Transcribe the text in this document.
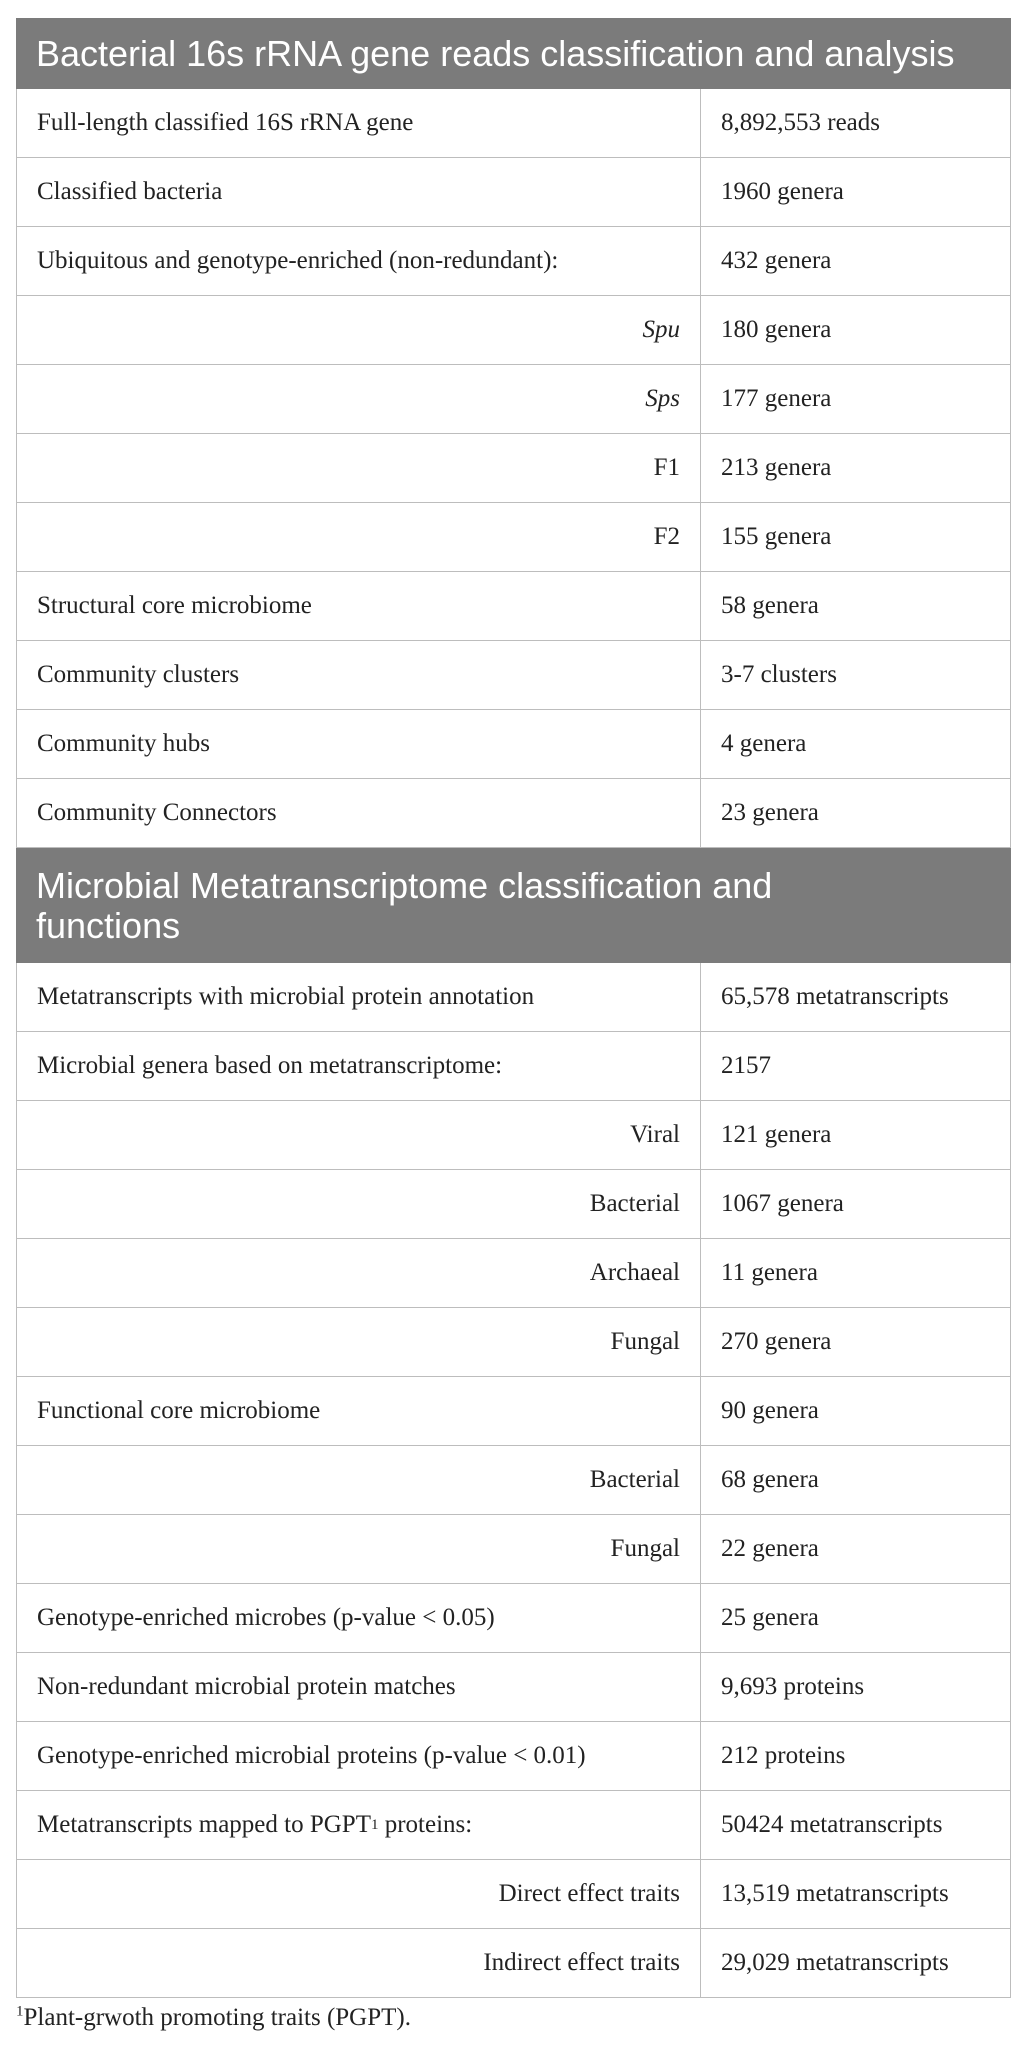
Bacterial 16s rRNA gene reads classification and analysis
Full-length classified 16S rRNA gene	8,892,553 reads
Classified bacteria	1960 genera
Ubiquitous and genotype-enriched (non-redundant):	432 genera
Spu 180 genera
Sps 177 genera
F1 213 genera
F2 155 genera
Structural core microbiome	58 genera
Community clusters	3-7 clusters
Community hubs	4 genera
Community Connectors	23 genera
Microbial Metatranscriptome classification and functions
Metatranscripts with microbial protein annotation	65,578 metatranscripts
Microbial genera based on metatranscriptome:	2157
Viral 121 genera
Bacterial 1067 genera
Archaeal 11 genera
Fungal 270 genera
Functional core microbiome	90 genera
Bacterial 68 genera
Fungal 22 genera
Genotype-enriched microbes (p-value < 0.05)	25 genera
Non-redundant microbial protein matches	9,693 proteins
Genotype-enriched microbial proteins (p-value < 0.01)	212 proteins
Metatranscripts mapped to PGPT 1 proteins:	50424 metatranscripts
Direct effect traits 13,519 metatranscripts
Indirect effect traits 29,029 metatranscripts
$^1$Plant-grwoth promoting traits (PGPT).
